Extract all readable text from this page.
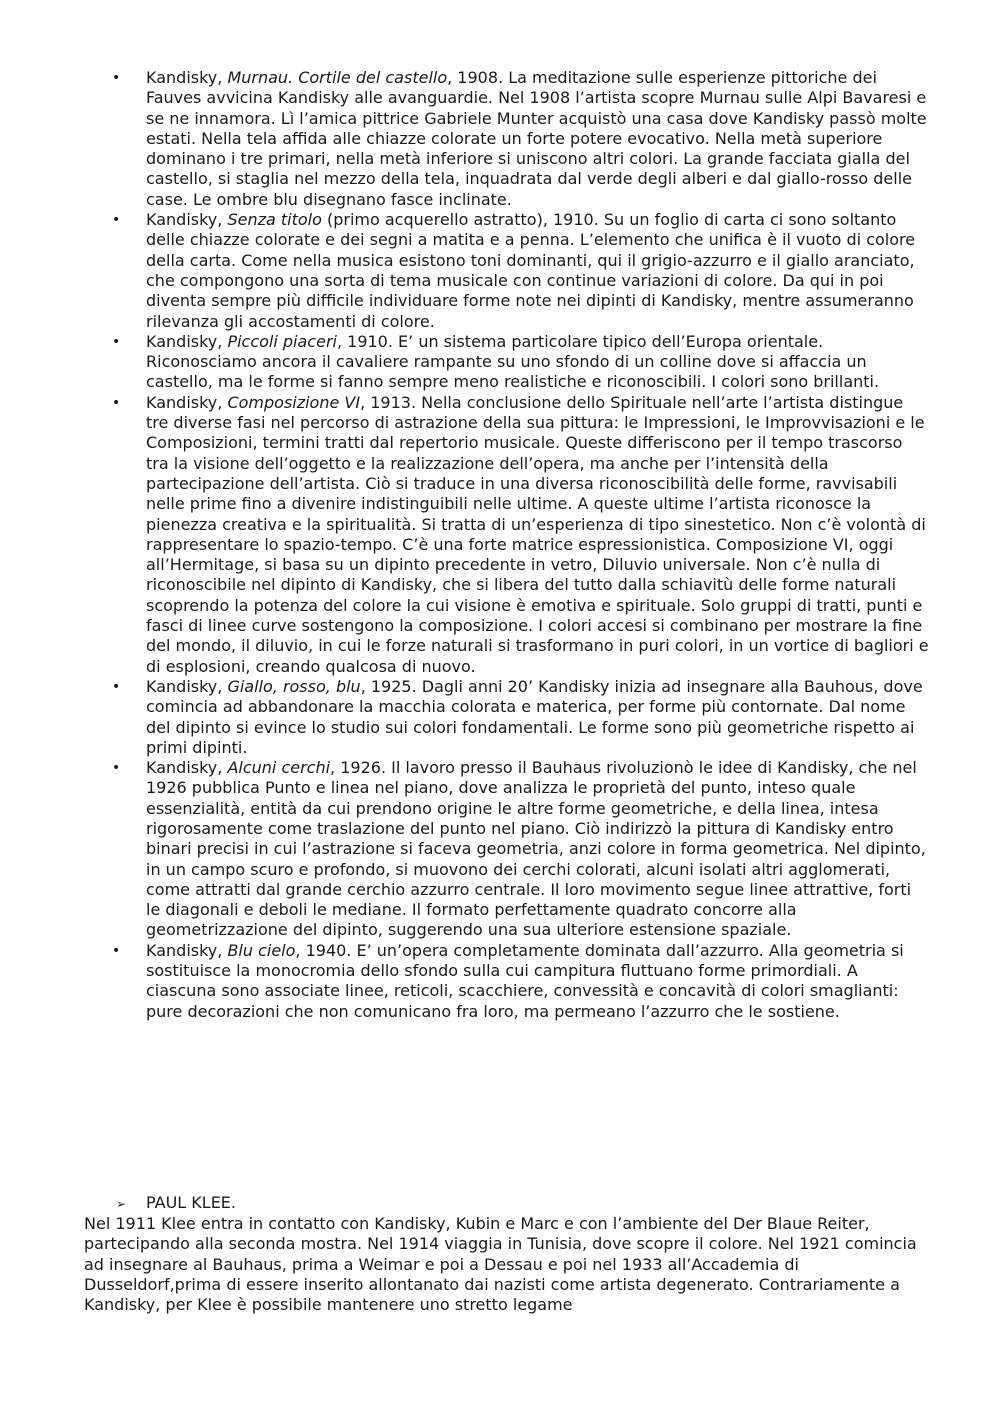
• Kandisky, Murnau. Cortile del castello, 1908. La meditazione sulle esperienze pittoriche dei Fauves avvicina Kandisky alle avanguardie. Nel 1908 l’artista scopre Murnau sulle Alpi Bavaresi e se ne innamora. Lì l’amica pittrice Gabriele Munter acquistò una casa dove Kandisky passò molte estati. Nella tela affida alle chiazze colorate un forte potere evocativo. Nella metà superiore dominano i tre primari, nella metà inferiore si uniscono altri colori. La grande facciata gialla del castello, si staglia nel mezzo della tela, inquadrata dal verde degli alberi e dal giallo-rosso delle case. Le ombre blu disegnano fasce inclinate.
• Kandisky, Senza titolo (primo acquerello astratto), 1910. Su un foglio di carta ci sono soltanto delle chiazze colorate e dei segni a matita e a penna. L’elemento che unifica è il vuoto di colore della carta. Come nella musica esistono toni dominanti, qui il grigio-azzurro e il giallo aranciato, che compongono una sorta di tema musicale con continue variazioni di colore. Da qui in poi diventa sempre più difficile individuare forme note nei dipinti di Kandisky, mentre assumeranno rilevanza gli accostamenti di colore.
• Kandisky, Piccoli piaceri, 1910. E’ un sistema particolare tipico dell’Europa orientale. Riconosciamo ancora il cavaliere rampante su uno sfondo di un colline dove si affaccia un castello, ma le forme si fanno sempre meno realistiche e riconoscibili. I colori sono brillanti.
• Kandisky, Composizione VI, 1913. Nella conclusione dello Spirituale nell’arte l’artista distingue tre diverse fasi nel percorso di astrazione della sua pittura: le Impressioni, le Improvvisazioni e le Composizioni, termini tratti dal repertorio musicale. Queste differiscono per il tempo trascorso tra la visione dell’oggetto e la realizzazione dell’opera, ma anche per l’intensità della partecipazione dell’artista. Ciò si traduce in una diversa riconoscibilità delle forme, ravvisabili nelle prime fino a divenire indistinguibili nelle ultime. A queste ultime l’artista riconosce la pienezza creativa e la spiritualità. Si tratta di un’esperienza di tipo sinestetico. Non c’è volontà di rappresentare lo spazio-tempo. C’è una forte matrice espressionistica. Composizione VI, oggi all’Hermitage, si basa su un dipinto precedente in vetro, Diluvio universale. Non c’è nulla di riconoscibile nel dipinto di Kandisky, che si libera del tutto dalla schiavitù delle forme naturali scoprendo la potenza del colore la cui visione è emotiva e spirituale. Solo gruppi di tratti, punti e fasci di linee curve sostengono la composizione. I colori accesi si combinano per mostrare la fine del mondo, il diluvio, in cui le forze naturali si trasformano in puri colori, in un vortice di bagliori e di esplosioni, creando qualcosa di nuovo.
• Kandisky, Giallo, rosso, blu, 1925. Dagli anni 20’ Kandisky inizia ad insegnare alla Bauhous, dove comincia ad abbandonare la macchia colorata e materica, per forme più contornate. Dal nome del dipinto si evince lo studio sui colori fondamentali. Le forme sono più geometriche rispetto ai primi dipinti.
• Kandisky, Alcuni cerchi, 1926. Il lavoro presso il Bauhaus rivoluzionò le idee di Kandisky, che nel 1926 pubblica Punto e linea nel piano, dove analizza le proprietà del punto, inteso quale essenzialità, entità da cui prendono origine le altre forme geometriche, e della linea, intesa rigorosamente come traslazione del punto nel piano. Ciò indirizzò la pittura di Kandisky entro binari precisi in cui l’astrazione si faceva geometria, anzi colore in forma geometrica. Nel dipinto, in un campo scuro e profondo, si muovono dei cerchi colorati, alcuni isolati altri agglomerati, come attratti dal grande cerchio azzurro centrale. Il loro movimento segue linee attrattive, forti le diagonali e deboli le mediane. Il formato perfettamente quadrato concorre alla geometrizzazione del dipinto, suggerendo una sua ulteriore estensione spaziale.
• Kandisky, Blu cielo, 1940. E’ un’opera completamente dominata dall’azzurro. Alla geometria si sostituisce la monocromia dello sfondo sulla cui campitura fluttuano forme primordiali. A ciascuna sono associate linee, reticoli, scacchiere, convessità e concavità di colori smaglianti: pure decorazioni che non comunicano fra loro, ma permeano l’azzurro che le sostiene.

➢ PAUL KLEE.

Nel 1911 Klee entra in contatto con Kandisky, Kubin e Marc e con l’ambiente del Der Blaue Reiter, partecipando alla seconda mostra. Nel 1914 viaggia in Tunisia, dove scopre il colore. Nel 1921 comincia ad insegnare al Bauhaus, prima a Weimar e poi a Dessau e poi nel 1933 all’Accademia di Dusseldorf,prima di essere inserito allontanato dai nazisti come artista degenerato. Contrariamente a Kandisky, per Klee è possibile mantenere uno stretto legame
